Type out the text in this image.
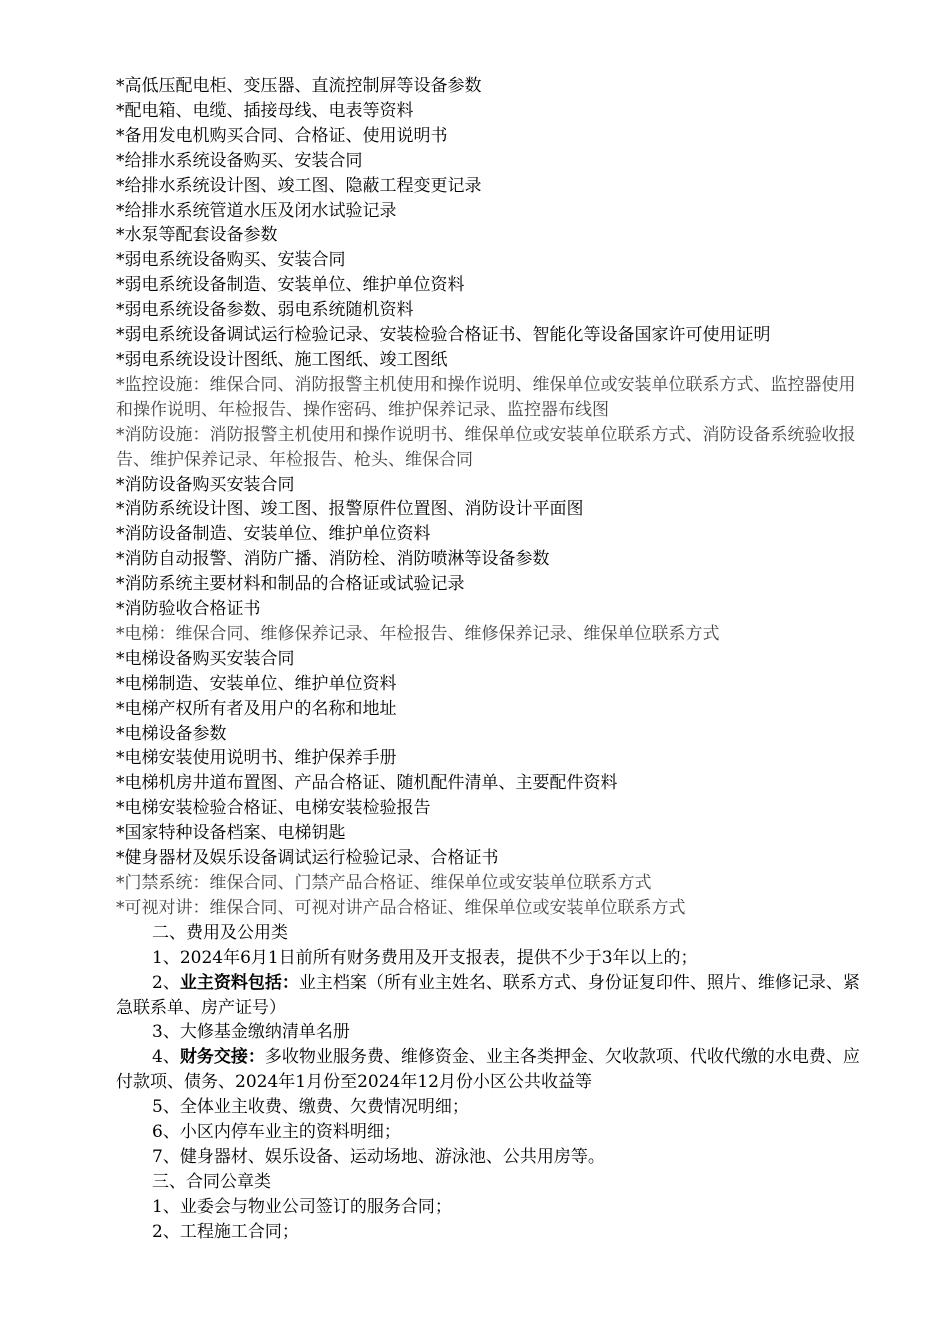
*高低压配电柜、变压器、直流控制屏等设备参数
*配电箱、电缆、插接母线、电表等资料
*备用发电机购买合同、合格证、使用说明书
*给排水系统设备购买、安装合同
*给排水系统设计图、竣工图、隐蔽工程变更记录
*给排水系统管道水压及闭水试验记录
*水泵等配套设备参数
*弱电系统设备购买、安装合同
*弱电系统设备制造、安装单位、维护单位资料
*弱电系统设备参数、弱电系统随机资料
*弱电系统设备调试运行检验记录、安装检验合格证书、智能化等设备国家许可使用证明
*弱电系统设设计图纸、施工图纸、竣工图纸
*监控设施：维保合同、消防报警主机使用和操作说明、维保单位或安装单位联系方式、监控器使用和操作说明、年检报告、操作密码、维护保养记录、监控器布线图
*消防设施：消防报警主机使用和操作说明书、维保单位或安装单位联系方式、消防设备系统验收报告、维护保养记录、年检报告、枪头、维保合同
*消防设备购买安装合同
*消防系统设计图、竣工图、报警原件位置图、消防设计平面图
*消防设备制造、安装单位、维护单位资料
*消防自动报警、消防广播、消防栓、消防喷淋等设备参数
*消防系统主要材料和制品的合格证或试验记录
*消防验收合格证书
*电梯：维保合同、维修保养记录、年检报告、维修保养记录、维保单位联系方式
*电梯设备购买安装合同
*电梯制造、安装单位、维护单位资料
*电梯产权所有者及用户的名称和地址
*电梯设备参数
*电梯安装使用说明书、维护保养手册
*电梯机房井道布置图、产品合格证、随机配件清单、主要配件资料
*电梯安装检验合格证、电梯安装检验报告
*国家特种设备档案、电梯钥匙
*健身器材及娱乐设备调试运行检验记录、合格证书
*门禁系统：维保合同、门禁产品合格证、维保单位或安装单位联系方式
*可视对讲：维保合同、可视对讲产品合格证、维保单位或安装单位联系方式
二、费用及公用类
1、2024年6月1日前所有财务费用及开支报表，提供不少于3年以上的；
2、业主资料包括：业主档案（所有业主姓名、联系方式、身份证复印件、照片、维修记录、紧急联系单、房产证号）
3、大修基金缴纳清单名册
4、财务交接：多收物业服务费、维修资金、业主各类押金、欠收款项、代收代缴的水电费、应付款项、债务、2024年1月份至2024年12月份小区公共收益等
5、全体业主收费、缴费、欠费情况明细；
6、小区内停车业主的资料明细；
7、健身器材、娱乐设备、运动场地、游泳池、公共用房等。
三、合同公章类
1、业委会与物业公司签订的服务合同；
2、工程施工合同；
